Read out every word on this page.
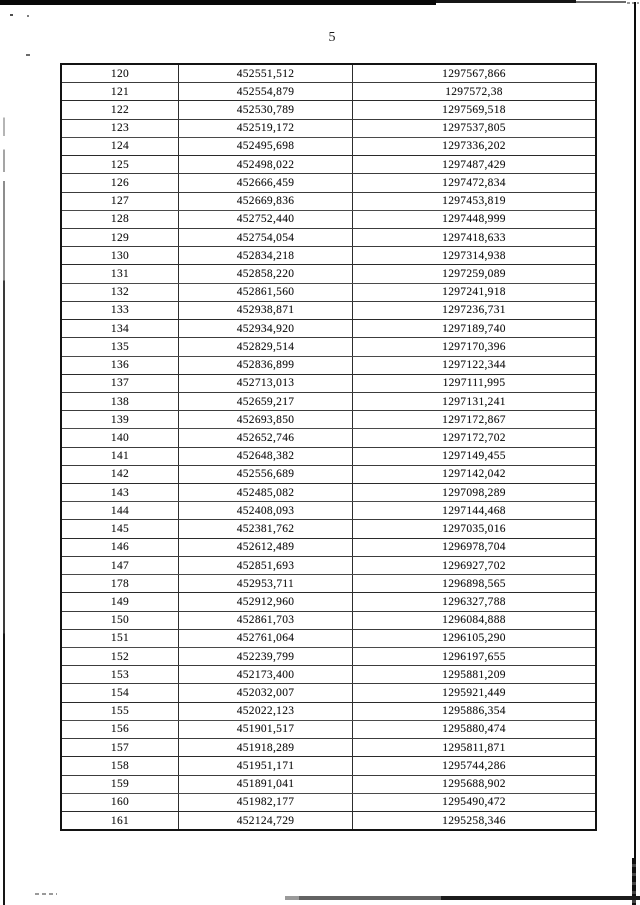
5
120	452551,512	1297567,866
121	452554,879	1297572,38
122	452530,789	1297569,518
123	452519,172	1297537,805
124	452495,698	1297336,202
125	452498,022	1297487,429
126	452666,459	1297472,834
127	452669,836	1297453,819
128	452752,440	1297448,999
129	452754,054	1297418,633
130	452834,218	1297314,938
131	452858,220	1297259,089
132	452861,560	1297241,918
133	452938,871	1297236,731
134	452934,920	1297189,740
135	452829,514	1297170,396
136	452836,899	1297122,344
137	452713,013	1297111,995
138	452659,217	1297131,241
139	452693,850	1297172,867
140	452652,746	1297172,702
141	452648,382	1297149,455
142	452556,689	1297142,042
143	452485,082	1297098,289
144	452408,093	1297144,468
145	452381,762	1297035,016
146	452612,489	1296978,704
147	452851,693	1296927,702
178	452953,711	1296898,565
149	452912,960	1296327,788
150	452861,703	1296084,888
151	452761,064	1296105,290
152	452239,799	1296197,655
153	452173,400	1295881,209
154	452032,007	1295921,449
155	452022,123	1295886,354
156	451901,517	1295880,474
157	451918,289	1295811,871
158	451951,171	1295744,286
159	451891,041	1295688,902
160	451982,177	1295490,472
161	452124,729	1295258,346
